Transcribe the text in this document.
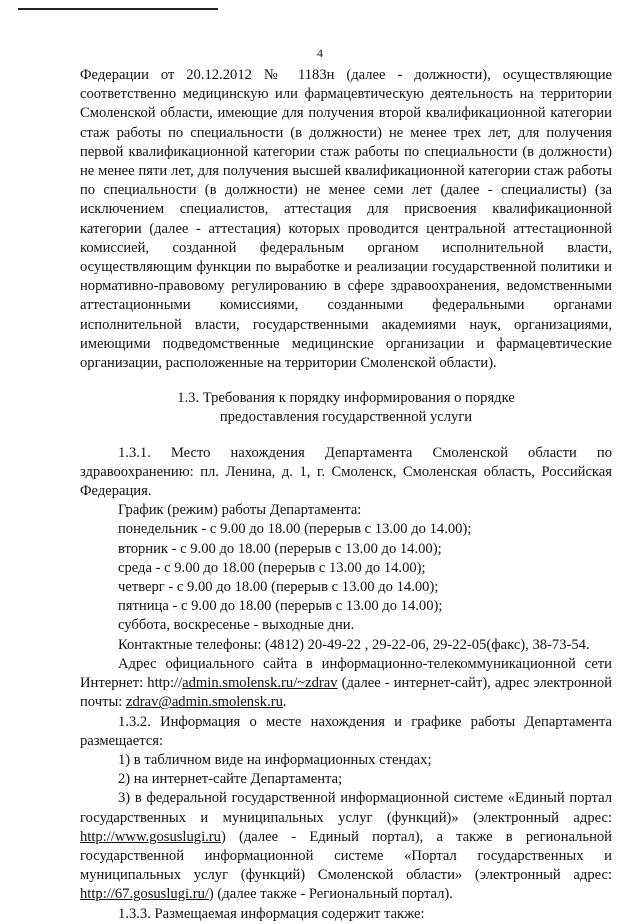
4

Федерации от 20.12.2012 № 1183н (далее - должности), осуществляющие соответственно медицинскую или фармацевтическую деятельность на территории Смоленской области, имеющие для получения второй квалификационной категории стаж работы по специальности (в должности) не менее трех лет, для получения первой квалификационной категории стаж работы по специальности (в должности) не менее пяти лет, для получения высшей квалификационной категории стаж работы по специальности (в должности) не менее семи лет (далее - специалисты) (за исключением специалистов, аттестация для присвоения квалификационной категории (далее - аттестация) которых проводится центральной аттестационной комиссией, созданной федеральным органом исполнительной власти, осуществляющим функции по выработке и реализации государственной политики и нормативно-правовому регулированию в сфере здравоохранения, ведомственными аттестационными комиссиями, созданными федеральными органами исполнительной власти, государственными академиями наук, организациями, имеющими подведомственные медицинские организации и фармацевтические организации, расположенные на территории Смоленской области).

1.3. Требования к порядку информирования о порядке
предоставления государственной услуги

1.3.1. Место нахождения Департамента Смоленской области по здравоохранению: пл. Ленина, д. 1, г. Смоленск, Смоленская область, Российская Федерация.

График (режим) работы Департамента:

понедельник - с 9.00 до 18.00 (перерыв с 13.00 до 14.00);

вторник - с 9.00 до 18.00 (перерыв с 13.00 до 14.00);

среда - с 9.00 до 18.00 (перерыв с 13.00 до 14.00);

четверг - с 9.00 до 18.00 (перерыв с 13.00 до 14.00);

пятница - с 9.00 до 18.00 (перерыв с 13.00 до 14.00);

суббота, воскресенье - выходные дни.

Контактные телефоны: (4812) 20-49-22 , 29-22-06, 29-22-05(факс), 38-73-54.

Адрес официального сайта в информационно-телекоммуникационной сети Интернет: http://admin.smolensk.ru/~zdrav (далее - интернет-сайт), адрес электронной почты: zdrav@admin.smolensk.ru.

1.3.2. Информация о месте нахождения и графике работы Департамента размещается:

1) в табличном виде на информационных стендах;

2) на интернет-сайте Департамента;

3) в федеральной государственной информационной системе «Единый портал государственных и муниципальных услуг (функций)» (электронный адрес: http://www.gosuslugi.ru) (далее - Единый портал), а также в региональной государственной информационной системе «Портал государственных и муниципальных услуг (функций) Смоленской области» (электронный адрес: http://67.gosuslugi.ru/) (далее также - Региональный портал).

1.3.3. Размещаемая информация содержит также:
